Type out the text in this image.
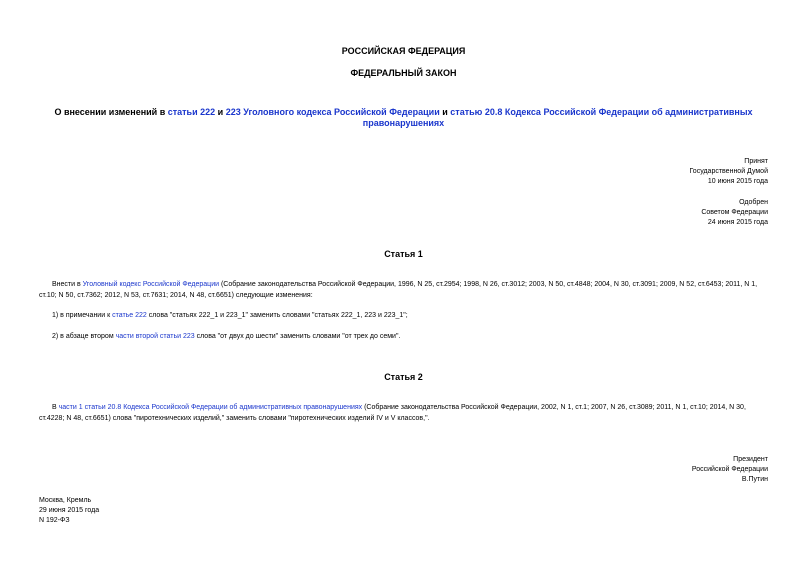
РОССИЙСКАЯ ФЕДЕРАЦИЯ
ФЕДЕРАЛЬНЫЙ ЗАКОН
О внесении изменений в статьи 222 и 223 Уголовного кодекса Российской Федерации и статью 20.8 Кодекса Российской Федерации об административных правонарушениях
Принят
Государственной Думой
10 июня 2015 года
Одобрен
Советом Федерации
24 июня 2015 года
Статья 1
Внести в Уголовный кодекс Российской Федерации (Собрание законодательства Российской Федерации, 1996, N 25, ст.2954; 1998, N 26, ст.3012; 2003, N 50, ст.4848; 2004, N 30, ст.3091; 2009, N 52, ст.6453; 2011, N 1, ст.10; N 50, ст.7362; 2012, N 53, ст.7631; 2014, N 48, ст.6651) следующие изменения:
1) в примечании к статье 222 слова "статьях 222_1 и 223_1" заменить словами "статьях 222_1, 223 и 223_1";
2) в абзаце втором части второй статьи 223 слова "от двух до шести" заменить словами "от трех до семи".
Статья 2
В части 1 статьи 20.8 Кодекса Российской Федерации об административных правонарушениях (Собрание законодательства Российской Федерации, 2002, N 1, ст.1; 2007, N 26, ст.3089; 2011, N 1, ст.10; 2014, N 30, ст.4228; N 48, ст.6651) слова "пиротехнических изделий," заменить словами "пиротехнических изделий IV и V классов,".
Президент
Российской Федерации
В.Путин
Москва, Кремль
29 июня 2015 года
N 192-ФЗ
